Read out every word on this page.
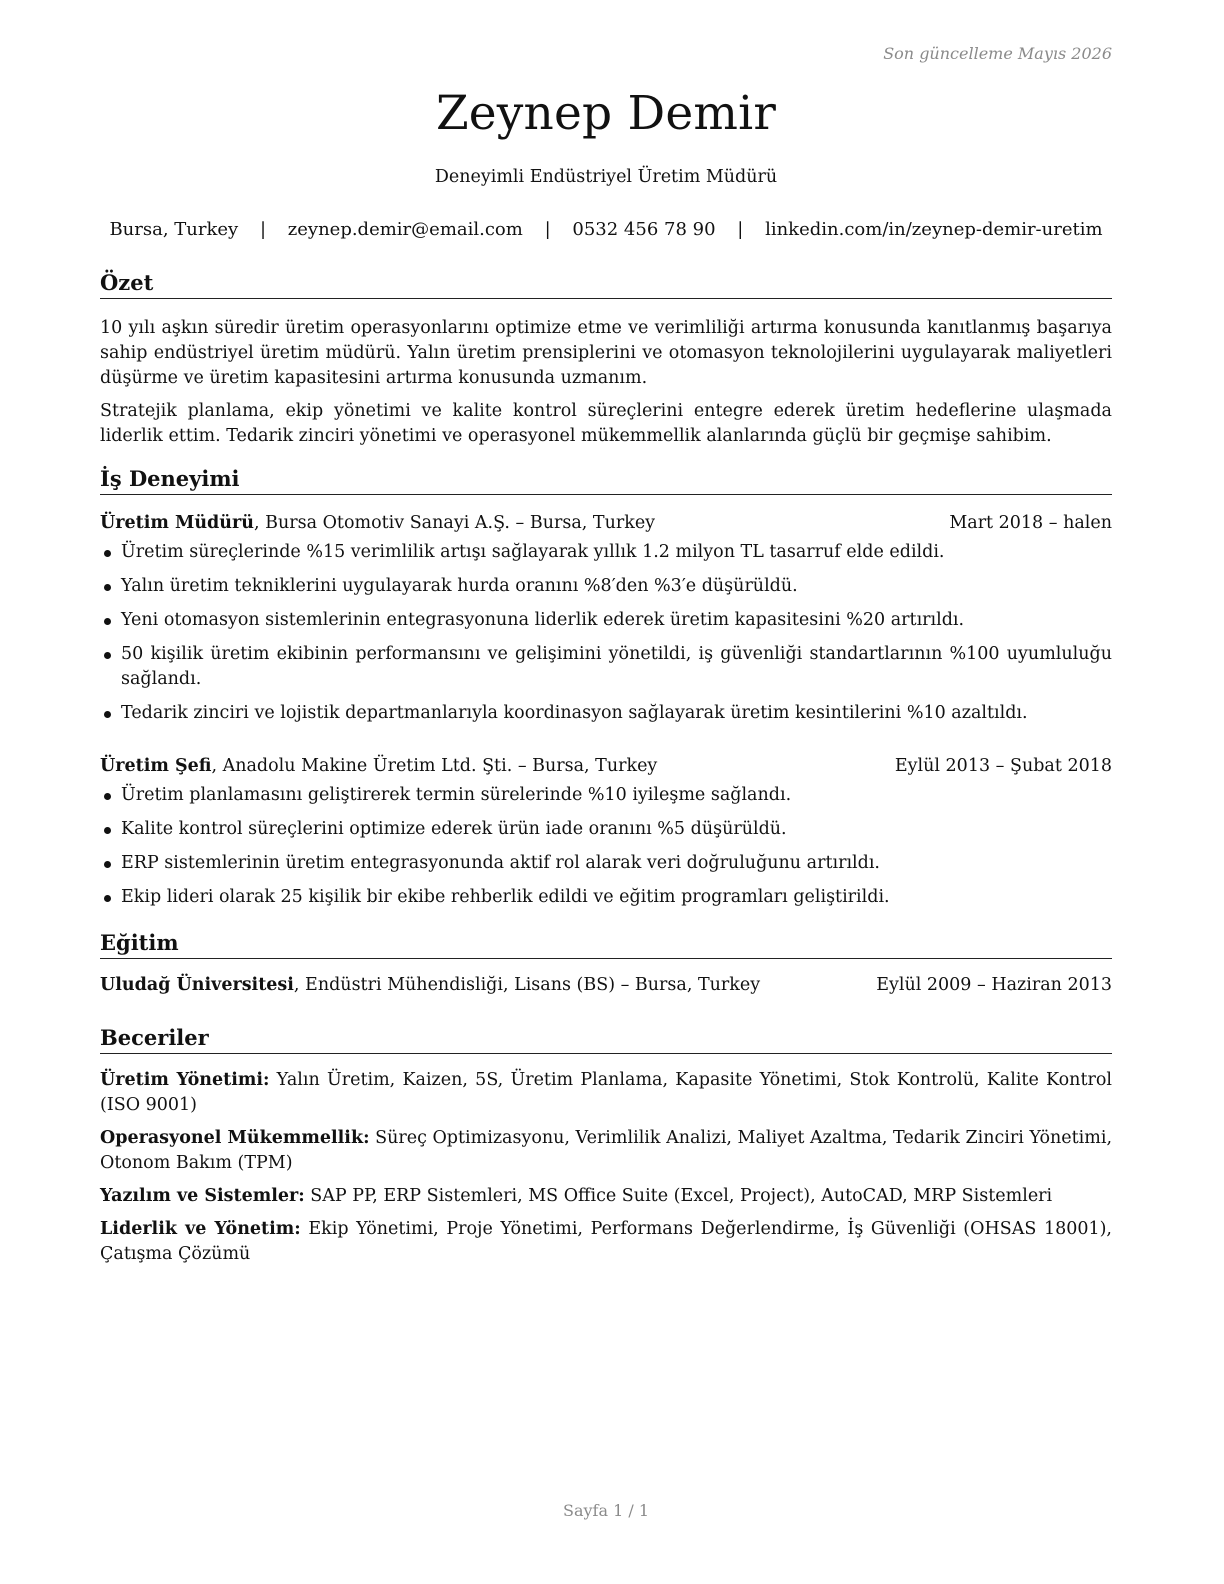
Son güncelleme Mayıs 2026
Zeynep Demir
Deneyimli Endüstriyel Üretim Müdürü
Bursa, Turkey | zeynep.demir@email.com | 0532 456 78 90 | linkedin.com/in/zeynep-demir-uretim
Özet

10 yılı aşkın süredir üretim operasyonlarını optimize etme ve verimliliği artırma konusunda kanıtlanmış başarıya sahip endüstriyel üretim müdürü. Yalın üretim prensiplerini ve otomasyon teknolojilerini uygulayarak maliyetleri düşürme ve üretim kapasitesini artırma konusunda uzmanım.

Stratejik planlama, ekip yönetimi ve kalite kontrol süreçlerini entegre ederek üretim hedeflerine ulaşmada liderlik ettim. Tedarik zinciri yönetimi ve operasyonel mükemmellik alanlarında güçlü bir geçmişe sahibim.

İş Deneyimi
Üretim Müdürü, Bursa Otomotiv Sanayi A.Ş. – Bursa, Turkey	Mart 2018 – halen
Üretim süreçlerinde %15 verimlilik artışı sağlayarak yıllık 1.2 milyon TL tasarruf elde edildi.
Yalın üretim tekniklerini uygulayarak hurda oranını %8′den %3′e düşürüldü.
Yeni otomasyon sistemlerinin entegrasyonuna liderlik ederek üretim kapasitesini %20 artırıldı.
50 kişilik üretim ekibinin performansını ve gelişimini yönetildi, iş güvenliği standartlarının %100 uyumluluğu sağlandı.
Tedarik zinciri ve lojistik departmanlarıyla koordinasyon sağlayarak üretim kesintilerini %10 azaltıldı.
Üretim Şefi, Anadolu Makine Üretim Ltd. Şti. – Bursa, Turkey	Eylül 2013 – Şubat 2018
Üretim planlamasını geliştirerek termin sürelerinde %10 iyileşme sağlandı.
Kalite kontrol süreçlerini optimize ederek ürün iade oranını %5 düşürüldü.
ERP sistemlerinin üretim entegrasyonunda aktif rol alarak veri doğruluğunu artırıldı.
Ekip lideri olarak 25 kişilik bir ekibe rehberlik edildi ve eğitim programları geliştirildi.
Eğitim
Uludağ Üniversitesi, Endüstri Mühendisliği, Lisans (BS) – Bursa, Turkey	Eylül 2009 – Haziran 2013
Beceriler

Üretim Yönetimi: Yalın Üretim, Kaizen, 5S, Üretim Planlama, Kapasite Yönetimi, Stok Kontrolü, Kalite Kontrol (ISO 9001)

Operasyonel Mükemmellik: Süreç Optimizasyonu, Verimlilik Analizi, Maliyet Azaltma, Tedarik Zinciri Yönetimi, Otonom Bakım (TPM)

Yazılım ve Sistemler: SAP PP, ERP Sistemleri, MS Office Suite (Excel, Project), AutoCAD, MRP Sistemleri

Liderlik ve Yönetim: Ekip Yönetimi, Proje Yönetimi, Performans Değerlendirme, İş Güvenliği (OHSAS 18001), Çatışma Çözümü

Sayfa 1 / 1
